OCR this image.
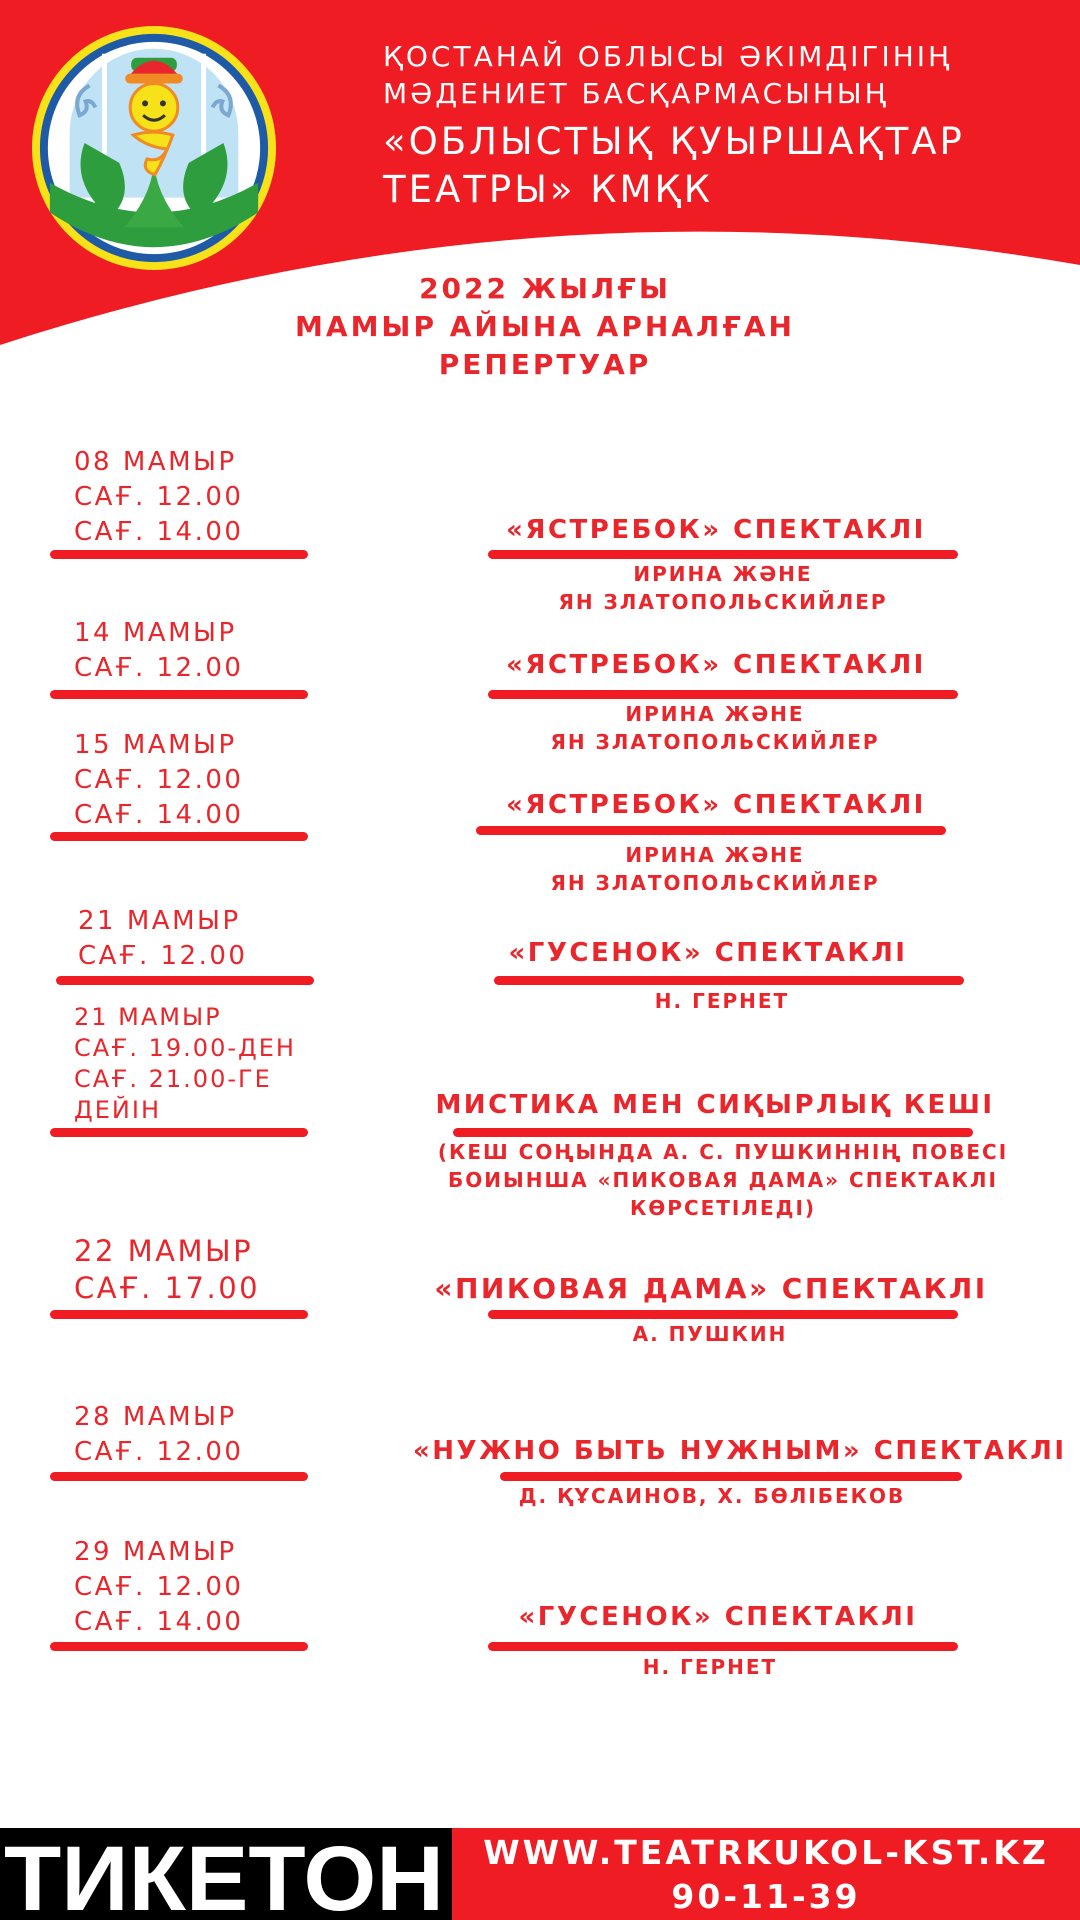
ҚОСТАНАЙ ОБЛЫСЫ ӘКІМДІГІНІҢ
МӘДЕНИЕТ БАСҚАРМАСЫНЫҢ
«ОБЛЫСТЫҚ ҚУЫРШАҚТАР
ТЕАТРЫ» КМҚК
2022 ЖЫЛҒЫ
МАМЫР АЙЫНА АРНАЛҒАН
РЕПЕРТУАР
08 МАМЫР
САҒ. 12.00
САҒ. 14.00	«ЯСТРЕБОК» СПЕКТАКЛІ
ИРИНА ЖӘНЕ
ЯН ЗЛАТОПОЛЬСКИЙЛЕР
14 МАМЫР
САҒ. 12.00	«ЯСТРЕБОК» СПЕКТАКЛІ
ИРИНА ЖӘНЕ
ЯН ЗЛАТОПОЛЬСКИЙЛЕР
15 МАМЫР
САҒ. 12.00
САҒ. 14.00	«ЯСТРЕБОК» СПЕКТАКЛІ
ИРИНА ЖӘНЕ
ЯН ЗЛАТОПОЛЬСКИЙЛЕР
21 МАМЫР
САҒ. 12.00	«ГУСЕНОК» СПЕКТАКЛІ
Н. ГЕРНЕТ
21 МАМЫР
САҒ. 19.00-ДЕН
САҒ. 21.00-ГЕ
ДЕЙІН	МИСТИКА МЕН СИҚЫРЛЫҚ КЕШІ
(КЕШ СОҢЫНДА А. С. ПУШКИННІҢ ПОВЕСІ
БОИЫНША «ПИКОВАЯ ДАМА» СПЕКТАКЛІ
КӨРСЕТІЛЕДІ)
22 МАМЫР
САҒ. 17.00	«ПИКОВАЯ ДАМА» СПЕКТАКЛІ
А. ПУШКИН
28 МАМЫР
САҒ. 12.00	«НУЖНО БЫТЬ НУЖНЫМ» СПЕКТАКЛІ
Д. ҚҰСАИНОВ, Х. БӨЛІБЕКОВ
29 МАМЫР
САҒ. 12.00
САҒ. 14.00	«ГУСЕНОК» СПЕКТАКЛІ
Н. ГЕРНЕТ
ТИКЕТОН	WWW.TEATRKUKOL-KST.KZ
90-11-39
